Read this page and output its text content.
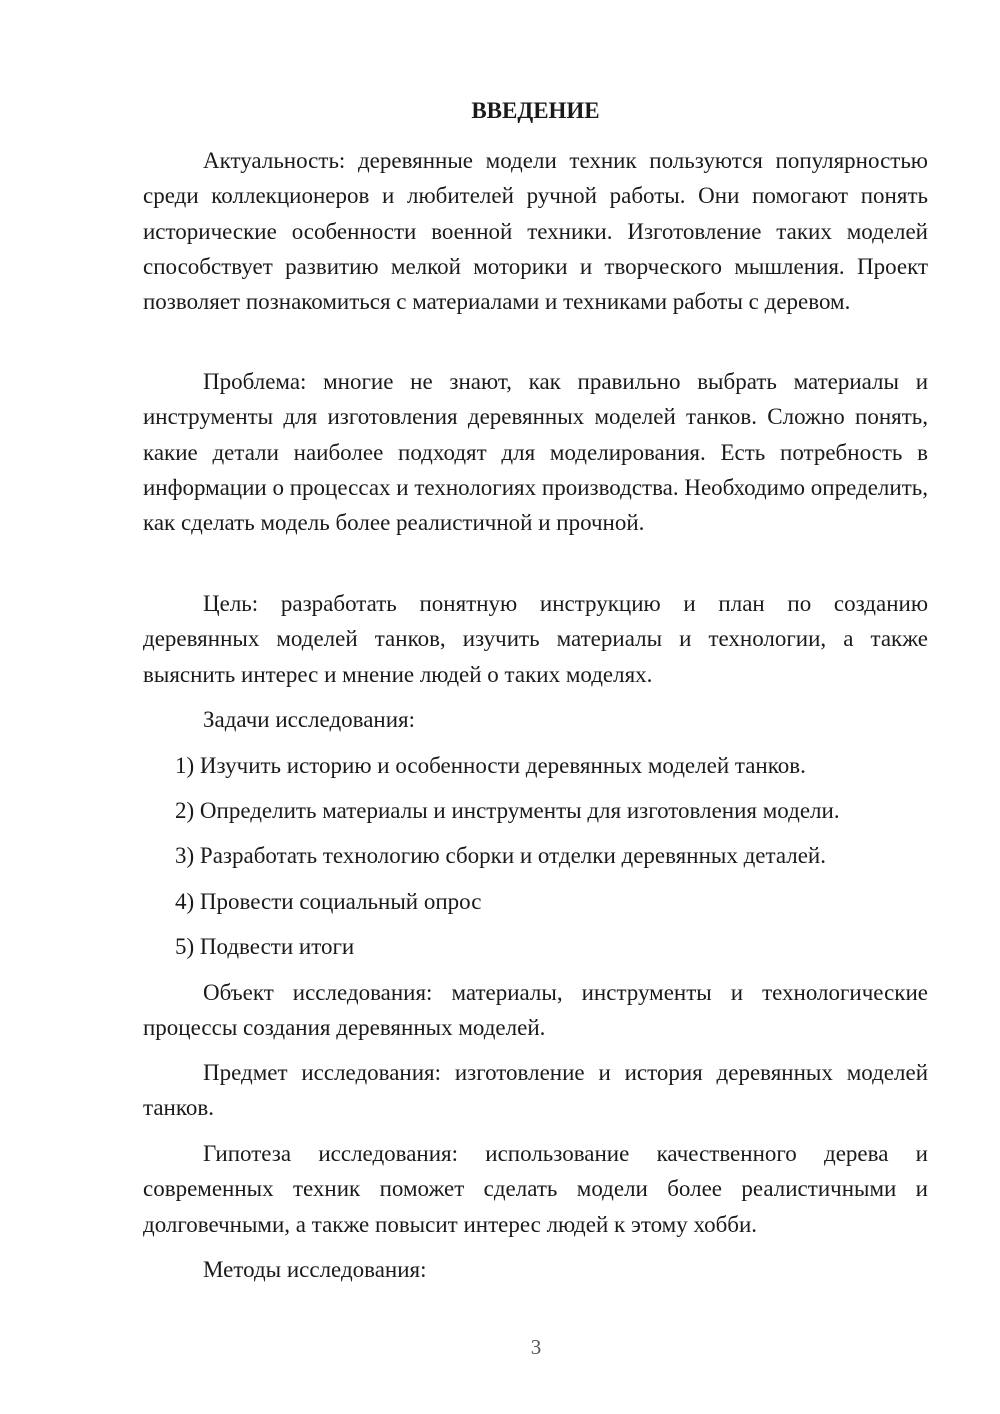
ВВЕДЕНИЕ

Актуальность: деревянные модели техник пользуются популярностью среди коллекционеров и любителей ручной работы. Они помогают понять исторические особенности военной техники. Изготовление таких моделей способствует развитию мелкой моторики и творческого мышления. Проект позволяет познакомиться с материалами и техниками работы с деревом.

Проблема: многие не знают, как правильно выбрать материалы и инструменты для изготовления деревянных моделей танков. Сложно понять, какие детали наиболее подходят для моделирования. Есть потребность в информации о процессах и технологиях производства. Необходимо определить, как сделать модель более реалистичной и прочной.

Цель: разработать понятную инструкцию и план по созданию деревянных моделей танков, изучить материалы и технологии, а также выяснить интерес и мнение людей о таких моделях.

Задачи исследования:
1) Изучить историю и особенности деревянных моделей танков.
2) Определить материалы и инструменты для изготовления модели.
3) Разработать технологию сборки и отделки деревянных деталей.
4) Провести социальный опрос
5) Подвести итоги

Объект исследования: материалы, инструменты и технологические процессы создания деревянных моделей.

Предмет исследования: изготовление и история деревянных моделей танков.

Гипотеза исследования: использование качественного дерева и современных техник поможет сделать модели более реалистичными и долговечными, а также повысит интерес людей к этому хобби.

Методы исследования:
3
